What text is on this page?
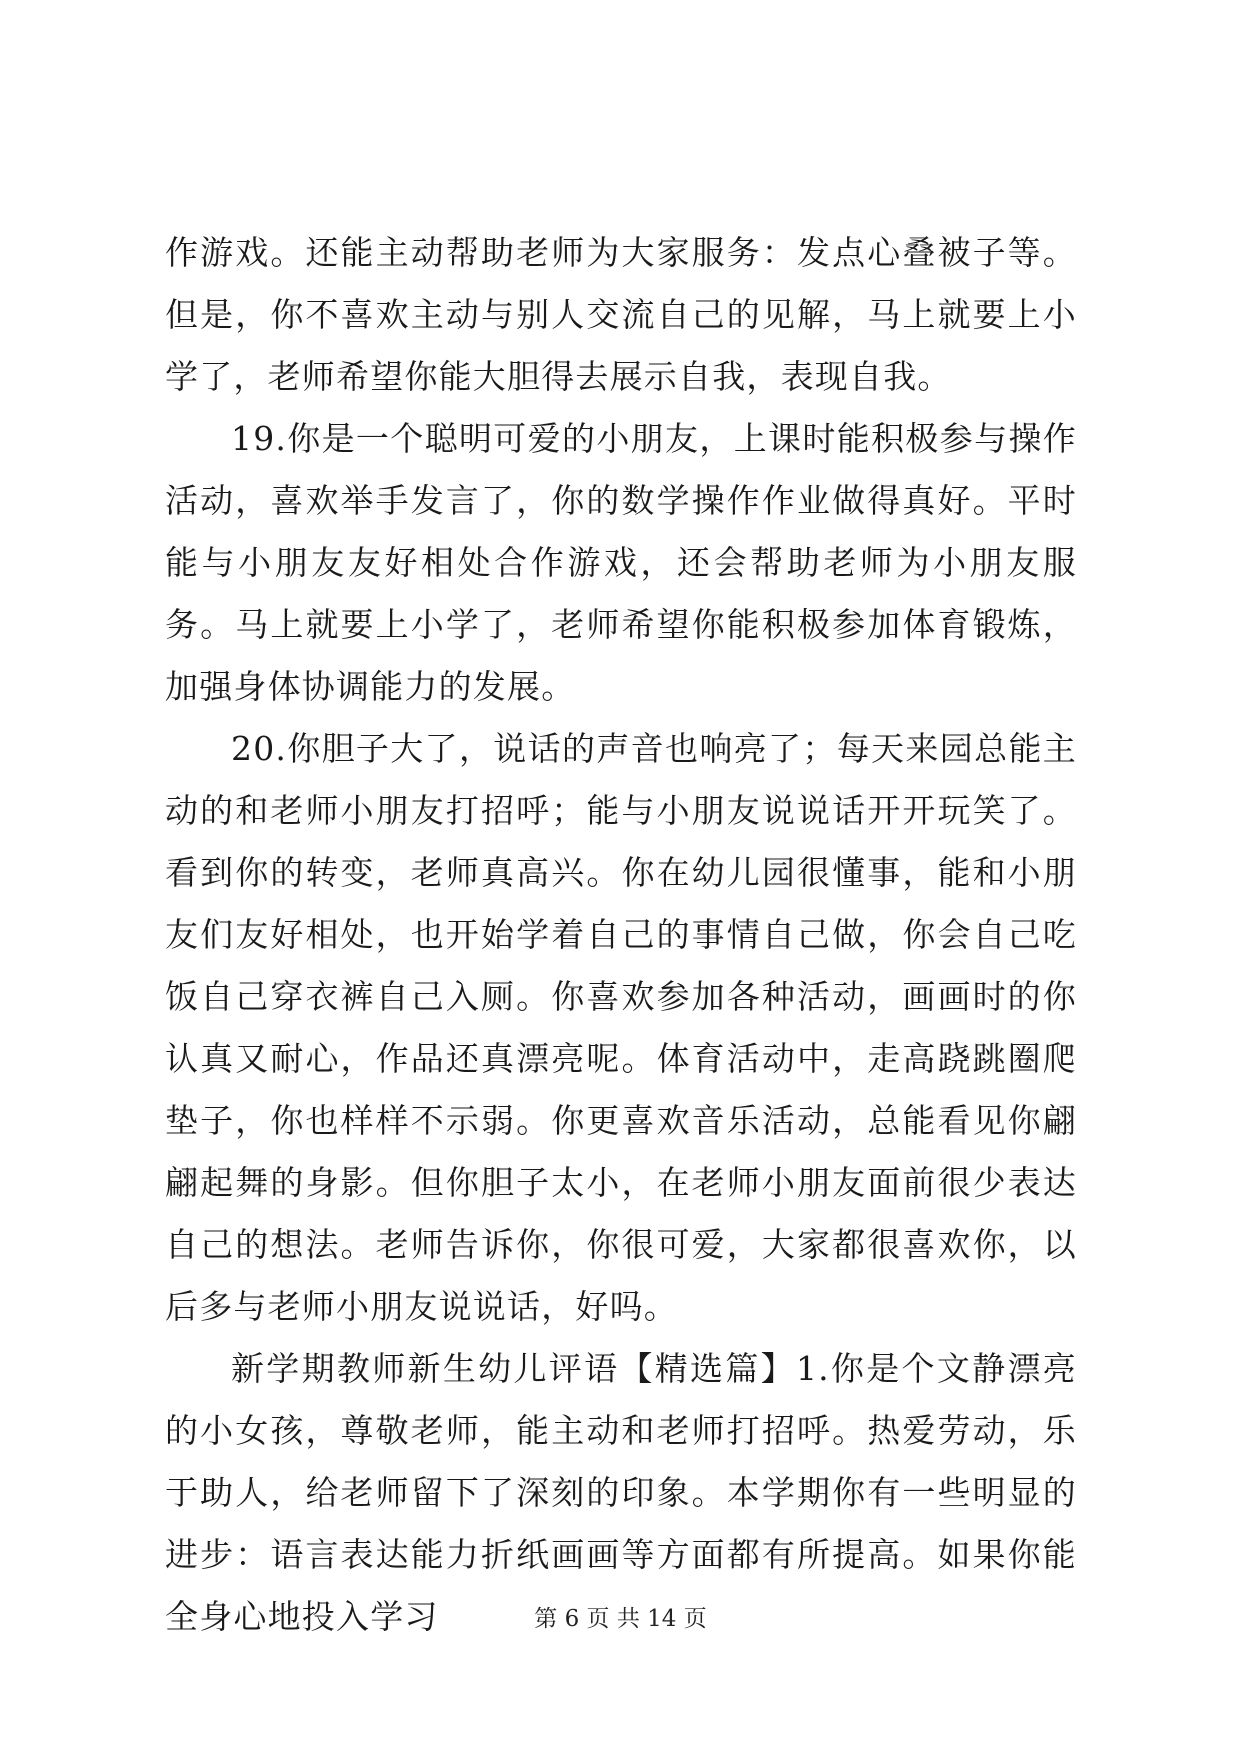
作游戏。还能主动帮助老师为大家服务：发点心叠被子等。但是，你不喜欢主动与别人交流自己的见解，马上就要上小学了，老师希望你能大胆得去展示自我，表现自我。

19.你是一个聪明可爱的小朋友，上课时能积极参与操作活动，喜欢举手发言了，你的数学操作作业做得真好。平时能与小朋友友好相处合作游戏，还会帮助老师为小朋友服务。马上就要上小学了，老师希望你能积极参加体育锻炼，加强身体协调能力的发展。

20.你胆子大了，说话的声音也响亮了；每天来园总能主动的和老师小朋友打招呼；能与小朋友说说话开开玩笑了。看到你的转变，老师真高兴。你在幼儿园很懂事，能和小朋友们友好相处，也开始学着自己的事情自己做，你会自己吃饭自己穿衣裤自己入厕。你喜欢参加各种活动，画画时的你认真又耐心，作品还真漂亮呢。体育活动中，走高跷跳圈爬垫子，你也样样不示弱。你更喜欢音乐活动，总能看见你翩翩起舞的身影。但你胆子太小，在老师小朋友面前很少表达自己的想法。老师告诉你，你很可爱，大家都很喜欢你，以后多与老师小朋友说说话，好吗。

新学期教师新生幼儿评语【精选篇】1.你是个文静漂亮的小女孩，尊敬老师，能主动和老师打招呼。热爱劳动，乐于助人，给老师留下了深刻的印象。本学期你有一些明显的进步：语言表达能力折纸画画等方面都有所提高。如果你能全身心地投入学习	第 6 页 共 14 页
